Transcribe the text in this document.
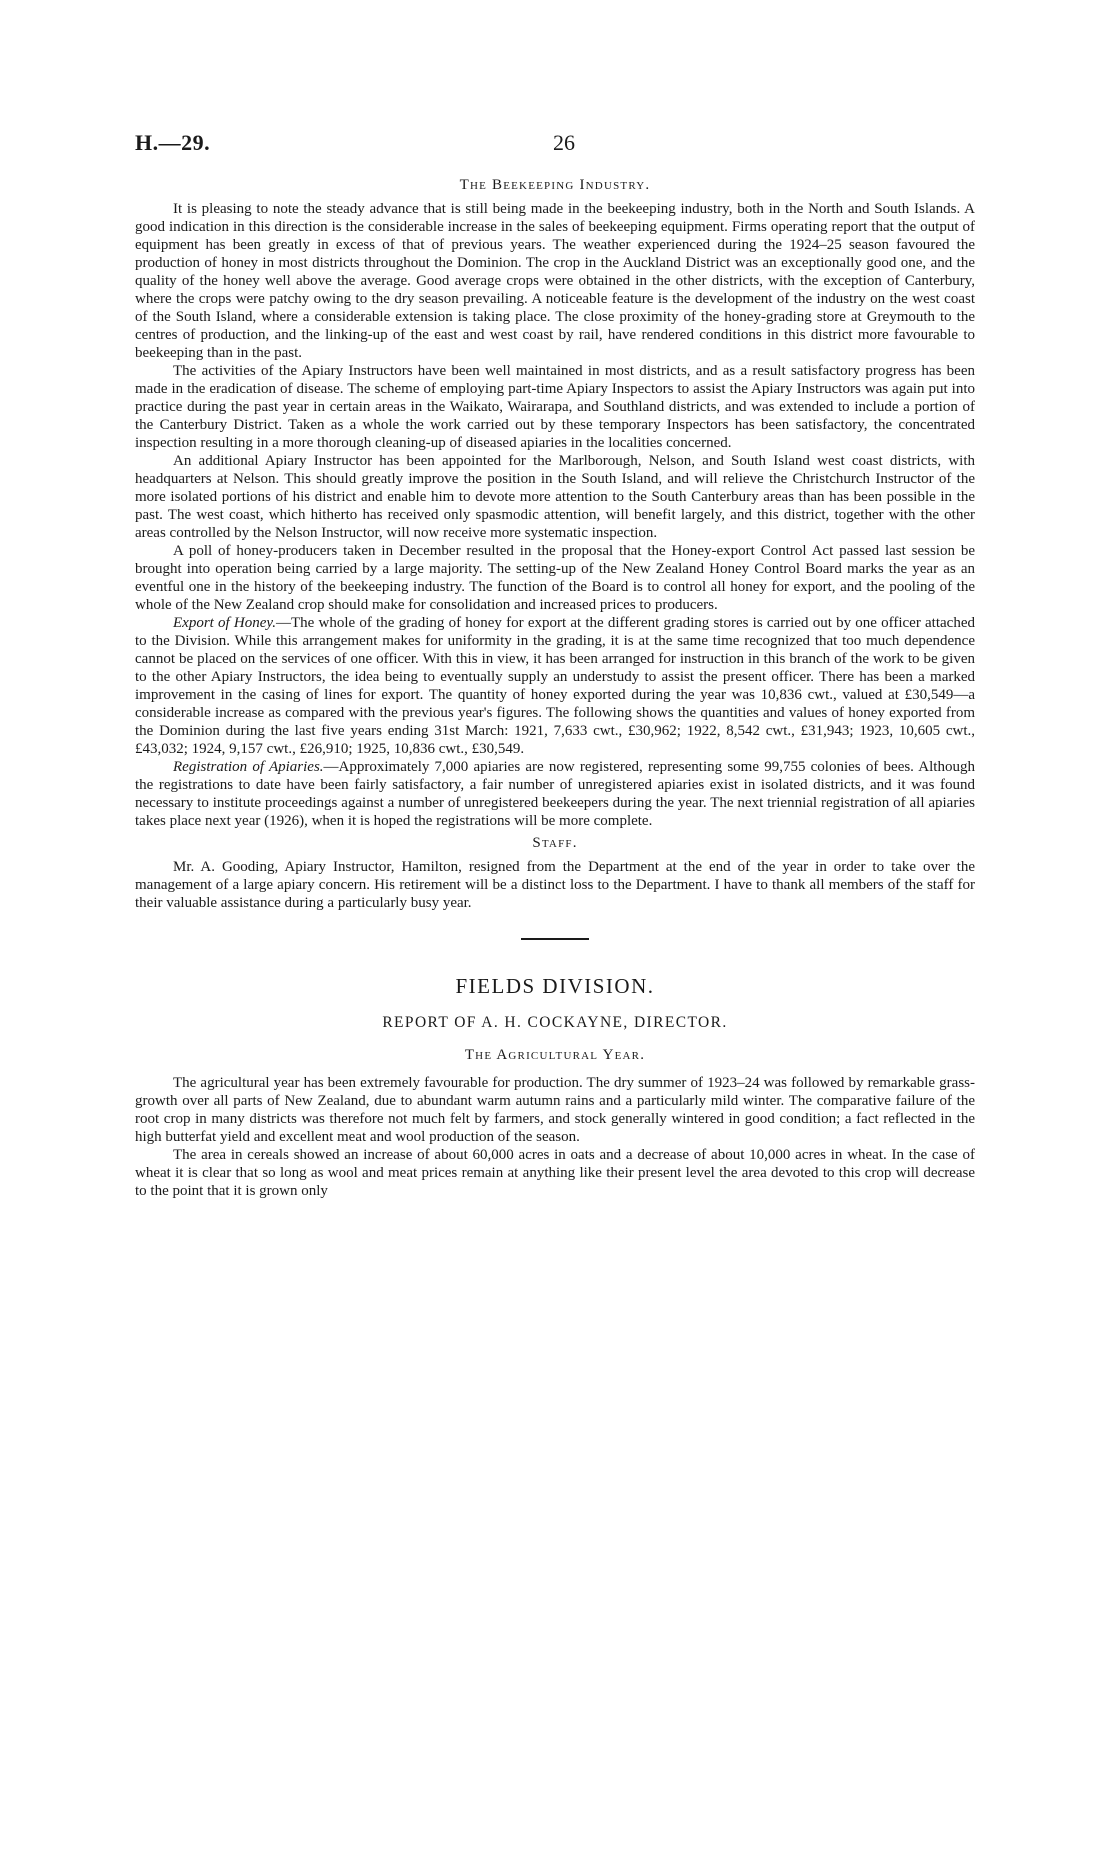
H.—29.	26
The Beekeeping Industry.

It is pleasing to note the steady advance that is still being made in the beekeeping industry, both in the North and South Islands. A good indication in this direction is the considerable increase in the sales of beekeeping equipment. Firms operating report that the output of equipment has been greatly in excess of that of previous years. The weather experienced during the 1924–25 season favoured the production of honey in most districts throughout the Dominion. The crop in the Auckland District was an exceptionally good one, and the quality of the honey well above the average. Good average crops were obtained in the other districts, with the exception of Canterbury, where the crops were patchy owing to the dry season prevailing. A noticeable feature is the development of the industry on the west coast of the South Island, where a considerable extension is taking place. The close proximity of the honey-grading store at Greymouth to the centres of production, and the linking-up of the east and west coast by rail, have rendered conditions in this district more favourable to beekeeping than in the past.

The activities of the Apiary Instructors have been well maintained in most districts, and as a result satisfactory progress has been made in the eradication of disease. The scheme of employing part-time Apiary Inspectors to assist the Apiary Instructors was again put into practice during the past year in certain areas in the Waikato, Wairarapa, and Southland districts, and was extended to include a portion of the Canterbury District. Taken as a whole the work carried out by these temporary Inspectors has been satisfactory, the concentrated inspection resulting in a more thorough cleaning-up of diseased apiaries in the localities concerned.

An additional Apiary Instructor has been appointed for the Marlborough, Nelson, and South Island west coast districts, with headquarters at Nelson. This should greatly improve the position in the South Island, and will relieve the Christchurch Instructor of the more isolated portions of his district and enable him to devote more attention to the South Canterbury areas than has been possible in the past. The west coast, which hitherto has received only spasmodic attention, will benefit largely, and this district, together with the other areas controlled by the Nelson Instructor, will now receive more systematic inspection.

A poll of honey-producers taken in December resulted in the proposal that the Honey-export Control Act passed last session be brought into operation being carried by a large majority. The setting-up of the New Zealand Honey Control Board marks the year as an eventful one in the history of the beekeeping industry. The function of the Board is to control all honey for export, and the pooling of the whole of the New Zealand crop should make for consolidation and increased prices to producers.

Export of Honey.—The whole of the grading of honey for export at the different grading stores is carried out by one officer attached to the Division. While this arrangement makes for uniformity in the grading, it is at the same time recognized that too much dependence cannot be placed on the services of one officer. With this in view, it has been arranged for instruction in this branch of the work to be given to the other Apiary Instructors, the idea being to eventually supply an understudy to assist the present officer. There has been a marked improvement in the casing of lines for export. The quantity of honey exported during the year was 10,836 cwt., valued at £30,549—a considerable increase as compared with the previous year's figures. The following shows the quantities and values of honey exported from the Dominion during the last five years ending 31st March: 1921, 7,633 cwt., £30,962; 1922, 8,542 cwt., £31,943; 1923, 10,605 cwt., £43,032; 1924, 9,157 cwt., £26,910; 1925, 10,836 cwt., £30,549.

Registration of Apiaries.—Approximately 7,000 apiaries are now registered, representing some 99,755 colonies of bees. Although the registrations to date have been fairly satisfactory, a fair number of unregistered apiaries exist in isolated districts, and it was found necessary to institute proceedings against a number of unregistered beekeepers during the year. The next triennial registration of all apiaries takes place next year (1926), when it is hoped the registrations will be more complete.

Staff.

Mr. A. Gooding, Apiary Instructor, Hamilton, resigned from the Department at the end of the year in order to take over the management of a large apiary concern. His retirement will be a distinct loss to the Department. I have to thank all members of the staff for their valuable assistance during a particularly busy year.

FIELDS DIVISION.
REPORT OF A. H. COCKAYNE, DIRECTOR.
The Agricultural Year.

The agricultural year has been extremely favourable for production. The dry summer of 1923–24 was followed by remarkable grass-growth over all parts of New Zealand, due to abundant warm autumn rains and a particularly mild winter. The comparative failure of the root crop in many districts was therefore not much felt by farmers, and stock generally wintered in good condition; a fact reflected in the high butterfat yield and excellent meat and wool production of the season.

The area in cereals showed an increase of about 60,000 acres in oats and a decrease of about 10,000 acres in wheat. In the case of wheat it is clear that so long as wool and meat prices remain at anything like their present level the area devoted to this crop will decrease to the point that it is grown only
